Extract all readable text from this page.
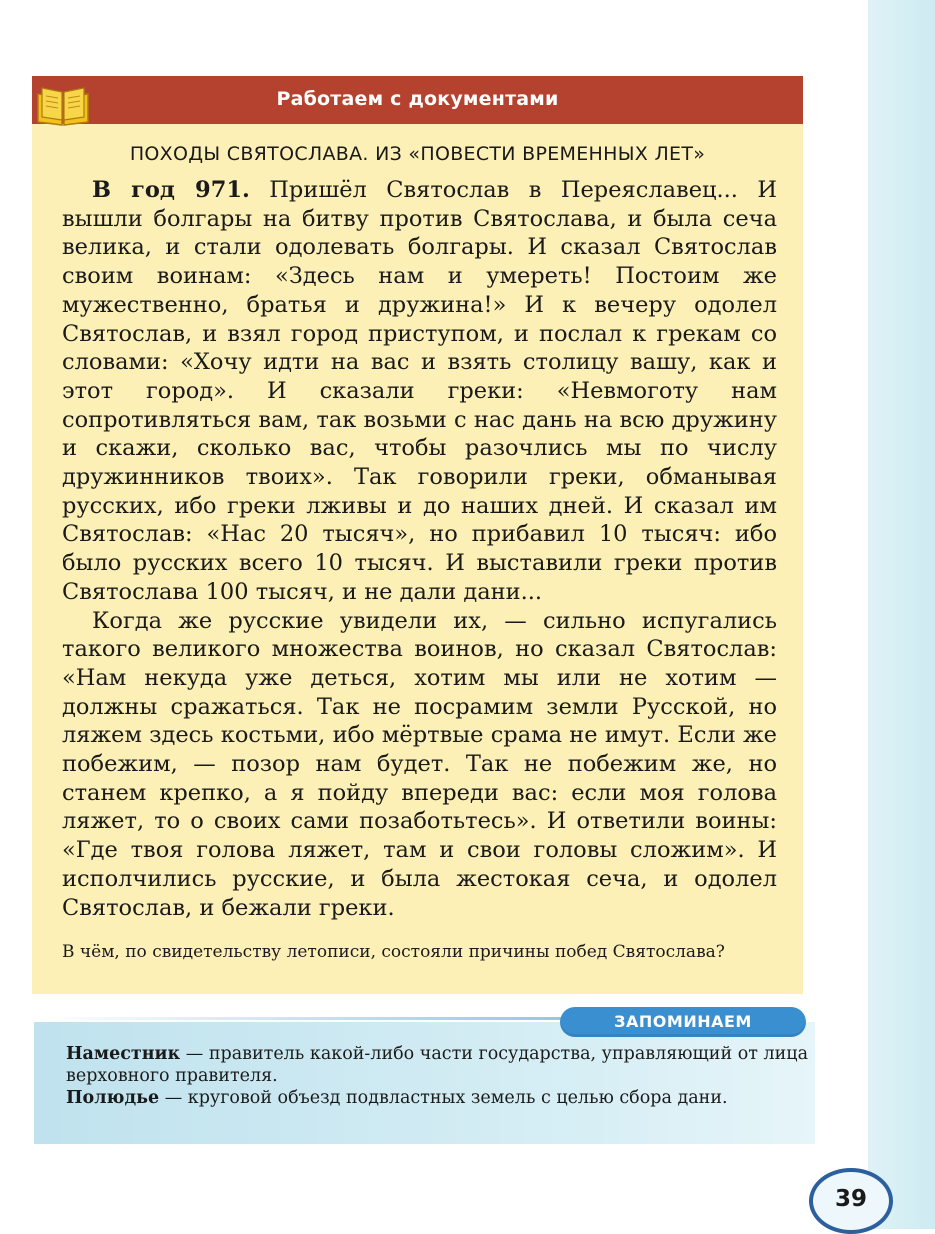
Работаем с документами
ПОХОДЫ СВЯТОСЛАВА. ИЗ «ПОВЕСТИ ВРЕМЕННЫХ ЛЕТ»

В год 971. Пришёл Святослав в Переяславец... И вышли болгары на битву против Святослава, и была сеча велика, и стали одолевать болгары. И сказал Святослав своим воинам: «Здесь нам и умереть! Постоим же мужественно, братья и дружина!» И к вечеру одолел Святослав, и взял город приступом, и послал к грекам со словами: «Хочу идти на вас и взять столицу вашу, как и этот город». И сказали греки: «Невмоготу нам сопротивляться вам, так возьми с нас дань на всю дружину и скажи, сколько вас, чтобы разочлись мы по числу дружинников твоих». Так говорили греки, обманывая русских, ибо греки лживы и до наших дней. И сказал им Святослав: «Нас 20 тысяч», но прибавил 10 тысяч: ибо было русских всего 10 тысяч. И выставили греки против Святослава 100 тысяч, и не дали дани...

Когда же русские увидели их, — сильно испугались такого великого множества воинов, но сказал Святослав: «Нам некуда уже деться, хотим мы или не хотим — должны сражаться. Так не посрамим земли Русской, но ляжем здесь костьми, ибо мёртвые срама не имут. Если же побежим, — позор нам будет. Так не побежим же, но станем крепко, а я пойду впереди вас: если моя голова ляжет, то о своих сами позаботьтесь». И ответили воины: «Где твоя голова ляжет, там и свои головы сложим». И исполчились русские, и была жестокая сеча, и одолел Святослав, и бежали греки.

В чём, по свидетельству летописи, состояли причины побед Святослава?
ЗАПОМИНАЕМ

Наместник — правитель какой-либо части государства, управляющий от лица верховного правителя.

Полюдье — круговой объезд подвластных земель с целью сбора дани.

39
